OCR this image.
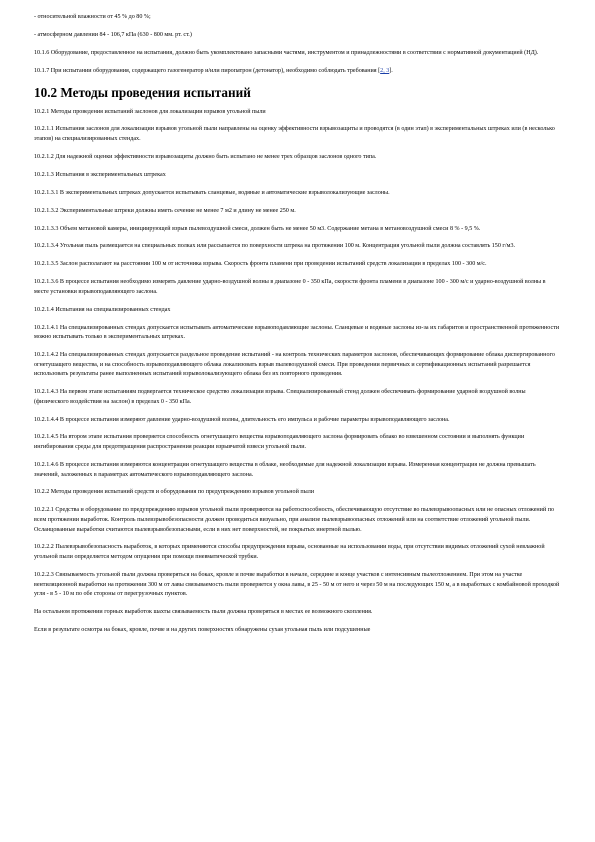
- относительной влажности от 45 % до 80 %;

- атмосферном давлении 84 - 106,7 кПа (630 - 800 мм. рт. ст.)

10.1.6 Оборудование, предоставленное на испытания, должно быть укомплектовано запасными частями, инструментом и принадлежностями в соответствии с нормативной документацией (НД).

10.1.7 При испытании оборудования, содержащего газогенератор и/или пиропатрон (детонатор), необходимо соблюдать требования [2, 3].

10.2 Методы проведения испытаний

10.2.1 Методы проведения испытаний заслонов для локализации взрывов угольной пыли

10.2.1.1 Испытания заслонов для локализации взрывов угольной пыли направлены на оценку эффективности взрывозащиты и проводятся (в один этап) в экспериментальных штреках или (в несколько этапов) на специализированных стендах.

10.2.1.2 Для надежной оценки эффективности взрывозащиты должно быть испытано не менее трех образцов заслонов одного типа.

10.2.1.3 Испытания в экспериментальных штреках

10.2.1.3.1 В экспериментальных штреках допускается испытывать сланцевые, водяные и автоматические взрыволокализующие заслоны.

10.2.1.3.2 Экспериментальные штреки должны иметь сечение не менее 7 м2 и длину не менее 250 м.

10.2.1.3.3 Объем метановой камеры, инициирующей взрыв пылевоздушной смеси, должен быть не менее 50 м3. Содержание метана в метановоздушной смеси 8 % - 9,5 %.

10.2.1.3.4 Угольная пыль размещается на специальных полках или рассыпается по поверхности штрека на протяжении 100 м. Концентрация угольной пыли должна составлять 150 г/м3.

10.2.1.3.5 Заслон располагают на расстоянии 100 м от источника взрыва. Скорость фронта пламени при проведении испытаний средств локализации в пределах 100 - 300 м/с.

10.2.1.3.6 В процессе испытания необходимо измерять давление ударно-воздушной волны в диапазоне 0 - 350 кПа, скорости фронта пламени в диапазоне 100 - 300 м/с и ударно-воздушной волны в месте установки взрывоподавляющего заслона.

10.2.1.4 Испытания на специализированных стендах

10.2.1.4.1 На специализированных стендах допускается испытывать автоматические взрывоподавляющие заслоны. Сланцевые и водяные заслоны из-за их габаритов и пространственной протяженности можно испытывать только в экспериментальных штреках.

10.2.1.4.2 На специализированных стендах допускается раздельное проведение испытаний - на контроль технических параметров заслонов, обеспечивающих формирование облака диспергированного огнетушащего вещества, и на способность взрывоподавляющего облака локализовать взрыв пылевоздушной смеси. При проведении первичных и сертификационных испытаний разрешается использовать результаты ранее выполненных испытаний взрыволокализующего облака без их повторного проведения.

10.2.1.4.3 На первом этапе испытаниям подвергается техническое средство локализации взрыва. Специализированный стенд должен обеспечивать формирование ударной воздушной волны (физического воздействия на заслон) в пределах 0 - 350 кПа.

10.2.1.4.4 В процессе испытания измеряют давление ударно-воздушной волны, длительность его импульса и рабочие параметры взрывоподавляющего заслона.

10.2.1.4.5 На втором этапе испытания проверяется способность огнетушащего вещества взрывоподавляющего заслона формировать облако во взвешенном состоянии и выполнять функции ингибирования среды для предотвращения распространения реакции взрывчатой взвеси угольной пыли.

10.2.1.4.6 В процессе испытания измеряются концентрации огнетушащего вещества в облаке, необходимые для надежной локализации взрыва. Измеренная концентрация не должна превышать значений, заложенных в параметрах автоматического взрывоподавляющего заслона.

10.2.2 Методы проведения испытаний средств и оборудования по предупреждению взрывов угольной пыли

10.2.2.1 Средства и оборудование по предупреждению взрывов угольной пыли проверяются на работоспособность, обеспечивающую отсутствие во пылевзрывоопасных или не опасных отложений по всем протяжении выработок. Контроль пылевзрывобезопасности должен проводиться визуально, при анализе пылевзрывоопасных отложений или на соответствие отложений угольной пыли. Осланцованные выработки считаются пылевзрывобезопасными, если в них нет поверхностей, не покрытых инертной пылью.

10.2.2.2 Пылевзрывобезопасность выработок, в которых применяются способы предупреждения взрыва, основанные на использовании воды, при отсутствии видимых отложений сухой невлажной угольной пыли определяется методом опущения при помощи пневматической трубки.

10.2.2.3 Связываемость угольной пыли должна проверяться на боках, кровле и почве выработки в начале, середине и конце участков с интенсивным пылеотложением. При этом на участке вентиляционной выработки на протяжении 300 м от лавы связываемость пыли проверяется у окна лавы, в 25 - 50 м от него и через 50 м на последующих 150 м, а в выработках с комбайновой проходкой угля - в 5 - 10 м по обе стороны от перегрузочных пунктов.

На остальном протяжении горных выработок шахты связываемость пыли должна проверяться в местах ее возможного скопления.

Если в результате осмотра на боках, кровле, почве и на других поверхностях обнаружены сухая угольная пыль или подсушенные
